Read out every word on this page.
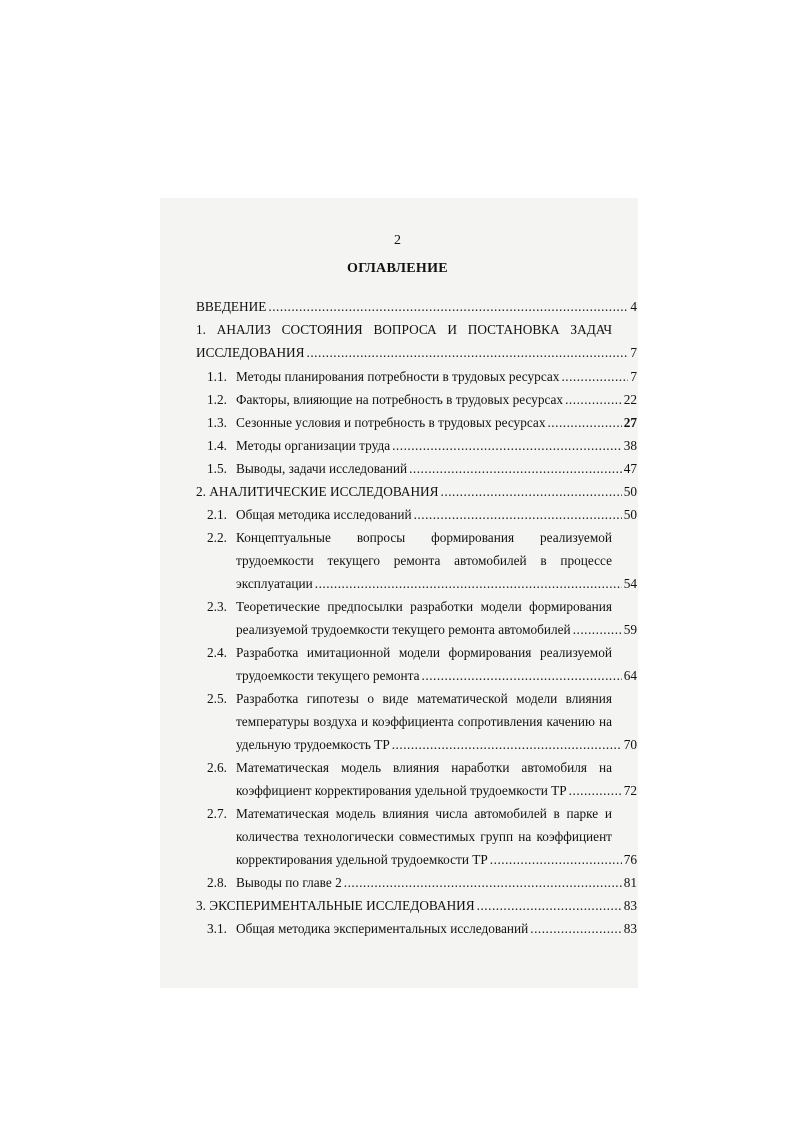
2
ОГЛАВЛЕНИЕ
ВВЕДЕНИЕ .....	4
1. АНАЛИЗ СОСТОЯНИЯ ВОПРОСА И ПОСТАНОВКА ЗАДАЧ
ИССЛЕДОВАНИЯ .....	7
1.1. Методы планирования потребности в трудовых ресурсах .....	7
1.2. Факторы, влияющие на потребность в трудовых ресурсах .....	22
1.3. Сезонные условия и потребность в трудовых ресурсах .....	27
1.4. Методы организации труда .....	38
1.5. Выводы, задачи исследований .....	47
2. АНАЛИТИЧЕСКИЕ ИССЛЕДОВАНИЯ .....	50
2.1. Общая методика исследований .....	50
2.2. Концептуальные вопросы формирования реализуемой
трудоемкости текущего ремонта автомобилей в процессе
эксплуатации .....	54
2.3. Теоретические предпосылки разработки модели формирования
реализуемой трудоемкости текущего ремонта автомобилей .....	59
2.4. Разработка имитационной модели формирования реализуемой
трудоемкости текущего ремонта .....	64
2.5. Разработка гипотезы о виде математической модели влияния
температуры воздуха и коэффициента сопротивления качению на
удельную трудоемкость ТР .....	70
2.6. Математическая модель влияния наработки автомобиля на
коэффициент корректирования удельной трудоемкости ТР .....	72
2.7. Математическая модель влияния числа автомобилей в парке и
количества технологически совместимых групп на коэффициент
корректирования удельной трудоемкости ТР .....	76
2.8. Выводы по главе 2 .....	81
3. ЭКСПЕРИМЕНТАЛЬНЫЕ ИССЛЕДОВАНИЯ .....	83
3.1. Общая методика экспериментальных исследований .....	83
